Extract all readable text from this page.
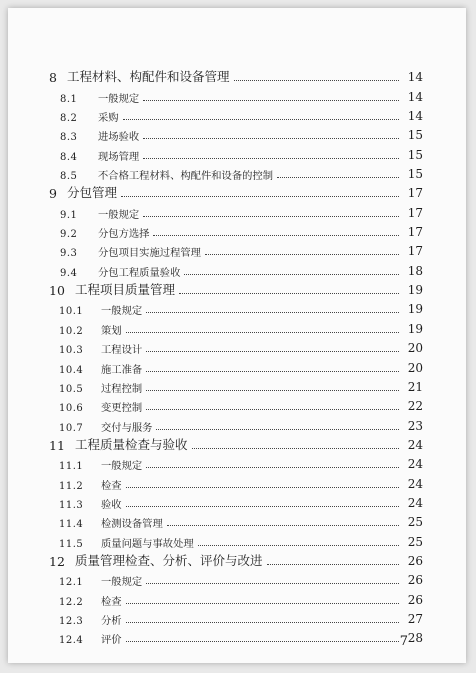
8 工程材料、构配件和设备管理	14
8.1	一般规定	14
8.2	采购	14
8.3	进场验收	15
8.4	现场管理	15
8.5	不合格工程材料、构配件和设备的控制	15
9 分包管理	17
9.1	一般规定	17
9.2	分包方选择	17
9.3	分包项目实施过程管理	17
9.4	分包工程质量验收	18
10 工程项目质量管理	19
10.1	一般规定	19
10.2	策划	19
10.3	工程设计	20
10.4	施工准备	20
10.5	过程控制	21
10.6	变更控制	22
10.7	交付与服务	23
11 工程质量检查与验收	24
11.1	一般规定	24
11.2	检查	24
11.3	验收	24
11.4	检测设备管理	25
11.5	质量问题与事故处理	25
12 质量管理检查、分析、评价与改进	26
12.1	一般规定	26
12.2	检查	26
12.3	分析	27
12.4	评价	28
7
